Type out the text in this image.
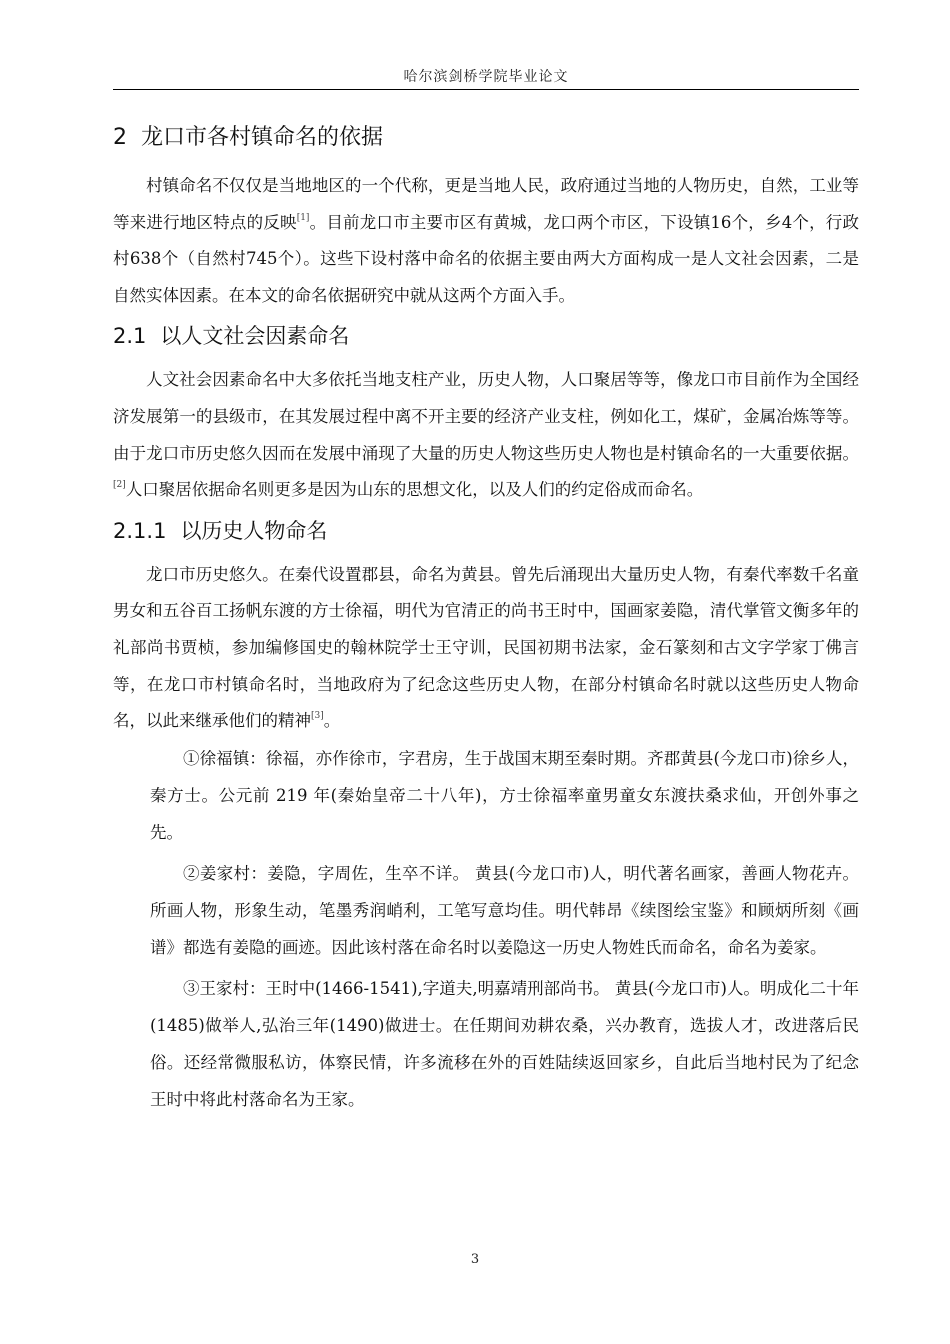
哈尔滨剑桥学院毕业论文
2 龙口市各村镇命名的依据

村镇命名不仅仅是当地地区的一个代称，更是当地人民，政府通过当地的人物历史，自然，工业等等来进行地区特点的反映[1]。目前龙口市主要市区有黄城，龙口两个市区，下设镇16个，乡4个，行政村638个（自然村745个）。这些下设村落中命名的依据主要由两大方面构成一是人文社会因素，二是自然实体因素。在本文的命名依据研究中就从这两个方面入手。

2.1 以人文社会因素命名

人文社会因素命名中大多依托当地支柱产业，历史人物，人口聚居等等，像龙口市目前作为全国经济发展第一的县级市，在其发展过程中离不开主要的经济产业支柱，例如化工，煤矿，金属冶炼等等。由于龙口市历史悠久因而在发展中涌现了大量的历史人物这些历史人物也是村镇命名的一大重要依据。[2]人口聚居依据命名则更多是因为山东的思想文化，以及人们的约定俗成而命名。

2.1.1 以历史人物命名

龙口市历史悠久。在秦代设置郡县，命名为黄县。曾先后涌现出大量历史人物，有秦代率数千名童男女和五谷百工扬帆东渡的方士徐福，明代为官清正的尚书王时中，国画家姜隐，清代掌管文衡多年的礼部尚书贾桢，参加编修国史的翰林院学士王守训，民国初期书法家，金石篆刻和古文字学家丁佛言等，在龙口市村镇命名时，当地政府为了纪念这些历史人物，在部分村镇命名时就以这些历史人物命名，以此来继承他们的精神[3]。

①徐福镇：徐福，亦作徐市，字君房，生于战国末期至秦时期。齐郡黄县(今龙口市)徐乡人，秦方士。公元前 219 年(秦始皇帝二十八年)，方士徐福率童男童女东渡扶桑求仙，开创外事之先。

②姜家村：姜隐，字周佐，生卒不详。 黄县(今龙口市)人，明代著名画家，善画人物花卉。所画人物，形象生动，笔墨秀润峭利，工笔写意均佳。明代韩昂《续图绘宝鉴》和顾炳所刻《画谱》都选有姜隐的画迹。因此该村落在命名时以姜隐这一历史人物姓氏而命名，命名为姜家。

③王家村：王时中(1466-1541),字道夫,明嘉靖刑部尚书。 黄县(今龙口市)人。明成化二十年(1485)做举人,弘治三年(1490)做进士。在任期间劝耕农桑，兴办教育，选拔人才，改进落后民俗。还经常微服私访，体察民情，许多流移在外的百姓陆续返回家乡，自此后当地村民为了纪念王时中将此村落命名为王家。

3
